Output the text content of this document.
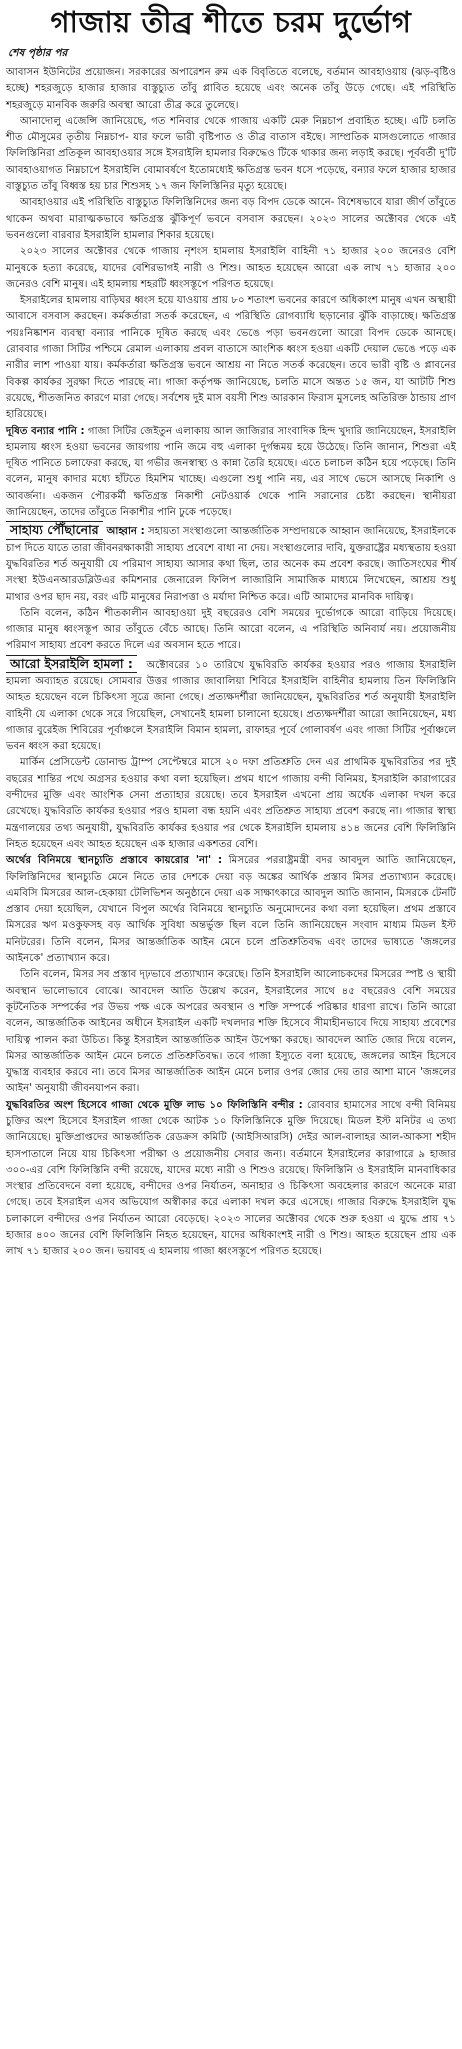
গাজায় তীব্র শীতে চরম দুর্ভোগ
শেষ পৃষ্ঠার পর

আবাসন ইউনিটের প্রয়োজন। সরকারের অপারেশন রুম এক বিবৃতিতে বলেছে, বর্তমান আবহাওয়ায় (ঝড়-বৃষ্টিও হচ্ছে) শহরজুড়ে হাজার হাজার বাস্তুচ্যুত তাঁবু প্লাবিত হয়েছে এবং অনেক তাঁবু উড়ে গেছে। এই পরিস্থিতি শহরজুড়ে মানবিক জরুরি অবস্থা আরো তীব্র করে তুলেছে।

আনাদোলু এজেন্সি জানিয়েছে, গত শনিবার থেকে গাজায় একটি মেরু নিম্নচাপ প্রবাহিত হচ্ছে। এটি চলতি শীত মৌসুমের তৃতীয় নিম্নচাপ- যার ফলে ভারী বৃষ্টিপাত ও তীব্র বাতাস বইছে। সাম্প্রতিক মাসগুলোতে গাজার ফিলিস্তিনিরা প্রতিকূল আবহাওয়ার সঙ্গে ইসরাইলি হামলার বিরুদ্ধেও টিকে থাকার জন্য লড়াই করছে। পূর্ববর্তী দু'টি আবহাওয়াগত নিম্নচাপে ইসরাইলি বোমাবর্ষণে ইতোমধ্যেই ক্ষতিগ্রস্ত ভবন ধসে পড়েছে, বন্যার ফলে হাজার হাজার বাস্তুচ্যুত তাঁবু বিধ্বস্ত হয় চার শিশুসহ ১৭ জন ফিলিস্তিনির মৃত্যু হয়েছে।

আবহাওয়ার এই পরিস্থিতি বাস্তুচ্যুত ফিলিস্তিনিদের জন্য বড় বিপদ ডেকে আনে- বিশেষভাবে যারা জীর্ণ তাঁবুতে থাকেন অথবা মারাত্মকভাবে ক্ষতিগ্রস্ত ঝুঁকিপূর্ণ ভবনে বসবাস করছেন। ২০২৩ সালের অক্টোবর থেকে এই ভবনগুলো বারবার ইসরাইলি হামলার শিকার হয়েছে।

২০২৩ সালের অক্টোবর থেকে গাজায় নৃশংস হামলায় ইসরাইলি বাহিনী ৭১ হাজার ২০০ জনেরও বেশি মানুষকে হত্যা করেছে, যাদের বেশিরভাগই নারী ও শিশু। আহত হয়েছেন আরো এক লাখ ৭১ হাজার ২০০ জনেরও বেশি মানুষ। এই হামলায় শহরটি ধ্বংসস্তূপে পরিণত হয়েছে।

ইসরাইলের হামলায় বাড়িঘর ধ্বংস হয়ে যাওয়ায় প্রায় ৮০ শতাংশ ভবনের কারণে অধিকাংশ মানুষ এখন অস্থায়ী আবাসে বসবাস করছেন। কর্মকর্তারা সতর্ক করেছেন, এ পরিস্থিতি রোগব্যাধি ছড়ানোর ঝুঁকি বাড়াচ্ছে। ক্ষতিগ্রস্ত পয়ঃনিষ্কাশন ব্যবস্থা বন্যার পানিকে দূষিত করছে এবং ভেঙে পড়া ভবনগুলো আরো বিপদ ডেকে আনছে। রোববার গাজা সিটির পশ্চিমে রেমাল এলাকায় প্রবল বাতাসে আংশিক ধ্বংস হওয়া একটি দেয়াল ভেঙে পড়ে এক নারীর লাশ পাওয়া যায়। কর্মকর্তারা ক্ষতিগ্রস্ত ভবনে আশ্রয় না নিতে সতর্ক করেছেন। তবে ভারী বৃষ্টি ও প্লাবনের বিকল্প কার্যকর সুরক্ষা দিতে পারছে না। গাজা কর্তৃপক্ষ জানিয়েছে, চলতি মাসে অন্তত ১৫ জন, যা আটটি শিশু রয়েছে, শীতজনিত কারণে মারা গেছে। সর্বশেষ দুই মাস বয়সী শিশু আরকান ফিরাস মুসলেহ অতিরিক্ত ঠান্ডায় প্রাণ হারিয়েছে।

দূষিত বন্যার পানি : গাজা সিটির জেইতুন এলাকায় আল জাজিরার সাংবাদিক হিন্দ খুদারি জানিয়েছেন, ইসরাইলি হামলায় ধ্বংস হওয়া ভবনের জায়গায় পানি জমে বহু এলাকা দুর্গন্ধময় হয়ে উঠেছে। তিনি জানান, শিশুরা এই দূষিত পানিতে চলাফেরা করছে, যা গভীর জনস্বাস্থ্য ও কান্না তৈরি হয়েছে। এতে চলাচল কঠিন হয়ে পড়েছে। তিনি বলেন, মানুষ কাদার মধ্যে হাঁটতে হিমশিম খাচ্ছে। এগুলো শুধু পানি নয়, এর সাথে ভেসে আসছে নিকাশি ও আবর্জনা। একজন পৌরকর্মী ক্ষতিগ্রস্ত নিকাশী নেটওয়ার্ক থেকে পানি সরানোর চেষ্টা করছেন। স্থানীয়রা জানিয়েছেন, তাদের তাঁবুতে নিকাশীর পানি ঢুকে পড়েছে।

সাহায্য পৌঁছানোর আহ্বান : সহায়তা সংস্থাগুলো আন্তর্জাতিক সম্প্রদায়কে আহ্বান জানিয়েছে, ইসরাইলকে চাপ দিতে যাতে তারা জীবনরক্ষাকারী সাহায্য প্রবেশে বাধা না দেয়। সংস্থাগুলোর দাবি, যুক্তরাষ্ট্রের মধ্যস্থতায় হওয়া যুদ্ধবিরতির শর্ত অনুযায়ী যে পরিমাণ সাহায্য আসার কথা ছিল, তার অনেক কম প্রবেশ করছে। জাতিসংঘের শীর্ষ সংস্থা ইউএনআরডব্লিউএর কমিশনার জেনারেল ফিলিপ লাজারিনি সামাজিক মাধ্যমে লিখেছেন, আশ্রয় শুধু মাথার ওপর ছাদ নয়, বরং এটি মানুষের নিরাপত্তা ও মর্যাদা নিশ্চিত করে। এটি আমাদের মানবিক দায়িত্ব।

তিনি বলেন, কঠিন শীতকালীন আবহাওয়া দুই বছরেরও বেশি সময়ের দুর্ভোগকে আরো বাড়িয়ে দিয়েছে। গাজার মানুষ ধ্বংসস্তূপ আর তাঁবুতে বেঁচে আছে। তিনি আরো বলেন, এ পরিস্থিতি অনিবার্য নয়। প্রয়োজনীয় পরিমাণ সাহায্য প্রবেশ করতে দিলে এর অবসান হতে পারে।

আরো ইসরাইলি হামলা : অক্টোবরের ১০ তারিখে যুদ্ধবিরতি কার্যকর হওয়ার পরও গাজায় ইসরাইলি হামলা অব্যাহত রয়েছে। সোমবার উত্তর গাজার জাবালিয়া শিবিরে ইসরাইলি বাহিনীর হামলায় তিন ফিলিস্তিনি আহত হয়েছেন বলে চিকিৎসা সূত্রে জানা গেছে। প্রত্যক্ষদর্শীরা জানিয়েছেন, যুদ্ধবিরতির শর্ত অনুযায়ী ইসরাইলি বাহিনী যে এলাকা থেকে সরে গিয়েছিল, সেখানেই হামলা চালানো হয়েছে। প্রত্যক্ষদর্শীরা আরো জানিয়েছেন, মধ্য গাজার বুরেইজ শিবিরের পূর্বাঞ্চলে ইসরাইলি বিমান হামলা, রাফাহর পূর্বে গোলাবর্ষণ এবং গাজা সিটির পূর্বাঞ্চলে ভবন ধ্বংস করা হয়েছে।

মার্কিন প্রেসিডেন্ট ডোনাল্ড ট্রাম্প সেপ্টেম্বরে মাসে ২০ দফা প্রতিশ্রুতি দেন এর প্রাথমিক যুদ্ধবিরতির পর দুই বছরের শান্তির পথে অগ্রসর হওয়ার কথা বলা হয়েছিল। প্রথম ধাপে গাজায় বন্দী বিনিময়, ইসরাইলি কারাগারের বন্দীদের মুক্তি এবং আংশিক সেনা প্রত্যাহার রয়েছে। তবে ইসরাইল এখনো প্রায় অর্ধেক এলাকা দখল করে রেখেছে। যুদ্ধবিরতি কার্যকর হওয়ার পরও হামলা বন্ধ হয়নি এবং প্রতিশ্রুত সাহায্য প্রবেশ করছে না। গাজার স্বাস্থ্য মন্ত্রণালয়ের তথ্য অনুযায়ী, যুদ্ধবিরতি কার্যকর হওয়ার পর থেকে ইসরাইলি হামলায় ৪১৪ জনের বেশি ফিলিস্তিনি নিহত হয়েছেন এবং আহত হয়েছেন এক হাজার একশতর বেশি।

অর্থের বিনিময়ে স্থানচ্যুতি প্রস্তাবে কায়রোর 'না' : মিসরের পররাষ্ট্রমন্ত্রী বদর আবদুল আতি জানিয়েছেন, ফিলিস্তিনিদের স্থানচ্যুতি মেনে নিতে তার দেশকে দেয়া বড় অঙ্কের আর্থিক প্রস্তাব মিসর প্রত্যাখ্যান করেছে। এমবিসি মিসরের আল-হেকায়া টেলিভিশন অনুষ্ঠানে দেয়া এক সাক্ষাৎকারে আবদুল আতি জানান, মিসরকে টেনটি প্রস্তাব দেয়া হয়েছিল, যেখানে বিপুল অর্থের বিনিময়ে স্থানচ্যুতি অনুমোদনের কথা বলা হয়েছিল। প্রথম প্রস্তাবে মিসরের ঋণ মওকুফসহ বড় আর্থিক সুবিধা অন্তর্ভুক্ত ছিল বলে তিনি জানিয়েছেন সংবাদ মাধ্যম মিডল ইস্ট মনিটরের। তিনি বলেন, মিসর আন্তর্জাতিক আইন মেনে চলে প্রতিশ্রুতিবদ্ধ এবং তাদের ভাষ্যতে 'জঙ্গলের আইনকে' প্রত্যাখ্যান করে।

তিনি বলেন, মিসর সব প্রস্তাব দৃঢ়ভাবে প্রত্যাখ্যান করেছে। তিনি ইসরাইলি আলোচকদের মিসরের স্পষ্ট ও স্থায়ী অবস্থান ভালোভাবে বোঝে। আবদেল আতি উল্লেখ করেন, ইসরাইলের সাথে ৪৫ বছরেরও বেশি সময়ের কূটনৈতিক সম্পর্কের পর উভয় পক্ষ একে অপরের অবস্থান ও শক্তি সম্পর্কে পরিষ্কার ধারণা রাখে। তিনি আরো বলেন, আন্তর্জাতিক আইনের অধীনে ইসরাইল একটি দখলদার শক্তি হিসেবে সীমাহীনভাবে দিয়ে সাহায্য প্রবেশের দায়িত্ব পালন করা উচিত। কিন্তু ইসরাইল আন্তর্জাতিক আইন উপেক্ষা করছে। আবদেল আতি জোর দিয়ে বলেন, মিসর আন্তর্জাতিক আইন মেনে চলতে প্রতিশ্রুতিবদ্ধ। তবে গাজা ইস্যুতে বলা হয়েছে, জঙ্গলের আইন হিসেবে যুদ্ধাস্ত্র ব্যবহার করবে না। তবে মিসর আন্তর্জাতিক আইন মেনে চলার ওপর জোর দেয় তার আশা মানে 'জঙ্গলের আইন' অনুযায়ী জীবনযাপন করা।

যুদ্ধবিরতির অংশ হিসেবে গাজা থেকে মুক্তি লাভ ১০ ফিলিস্তিনি বন্দীর : রোববার হামাসের সাথে বন্দী বিনিময় চুক্তির অংশ হিসেবে ইসরাইল গাজা থেকে আটক ১০ ফিলিস্তিনিকে মুক্তি দিয়েছে। মিডল ইস্ট মনিটর এ তথ্য জানিয়েছে। মুক্তিপ্রাপ্তদের আন্তর্জাতিক রেডক্রস কমিটি (আইসিআরসি) দেইর আল-বালাহর আল-আকসা শহীদ হাসপাতালে নিয়ে যায় চিকিৎসা পরীক্ষা ও প্রয়োজনীয় সেবার জন্য। বর্তমানে ইসরাইলের কারাগারে ৯ হাজার ৩০০-এর বেশি ফিলিস্তিনি বন্দী রয়েছে, যাদের মধ্যে নারী ও শিশুও রয়েছে। ফিলিস্তিনি ও ইসরাইলি মানবাধিকার সংস্থার প্রতিবেদনে বলা হয়েছে, বন্দীদের ওপর নির্যাতন, অনাহার ও চিকিৎসা অবহেলার কারণে অনেকে মারা গেছে। তবে ইসরাইল এসব অভিযোগ অস্বীকার করে এলাকা দখল করে এসেছে। গাজার বিরুদ্ধে ইসরাইলি যুদ্ধ চলাকালে বন্দীদের ওপর নির্যাতন আরো বেড়েছে। ২০২৩ সালের অক্টোবর থেকে শুরু হওয়া এ যুদ্ধে প্রায় ৭১ হাজার ৪০০ জনের বেশি ফিলিস্তিনি নিহত হয়েছেন, যাদের অধিকাংশই নারী ও শিশু। আহত হয়েছেন প্রায় এক লাখ ৭১ হাজার ২০০ জন। ভয়াবহ এ হামলায় গাজা ধ্বংসস্তূপে পরিণত হয়েছে।
